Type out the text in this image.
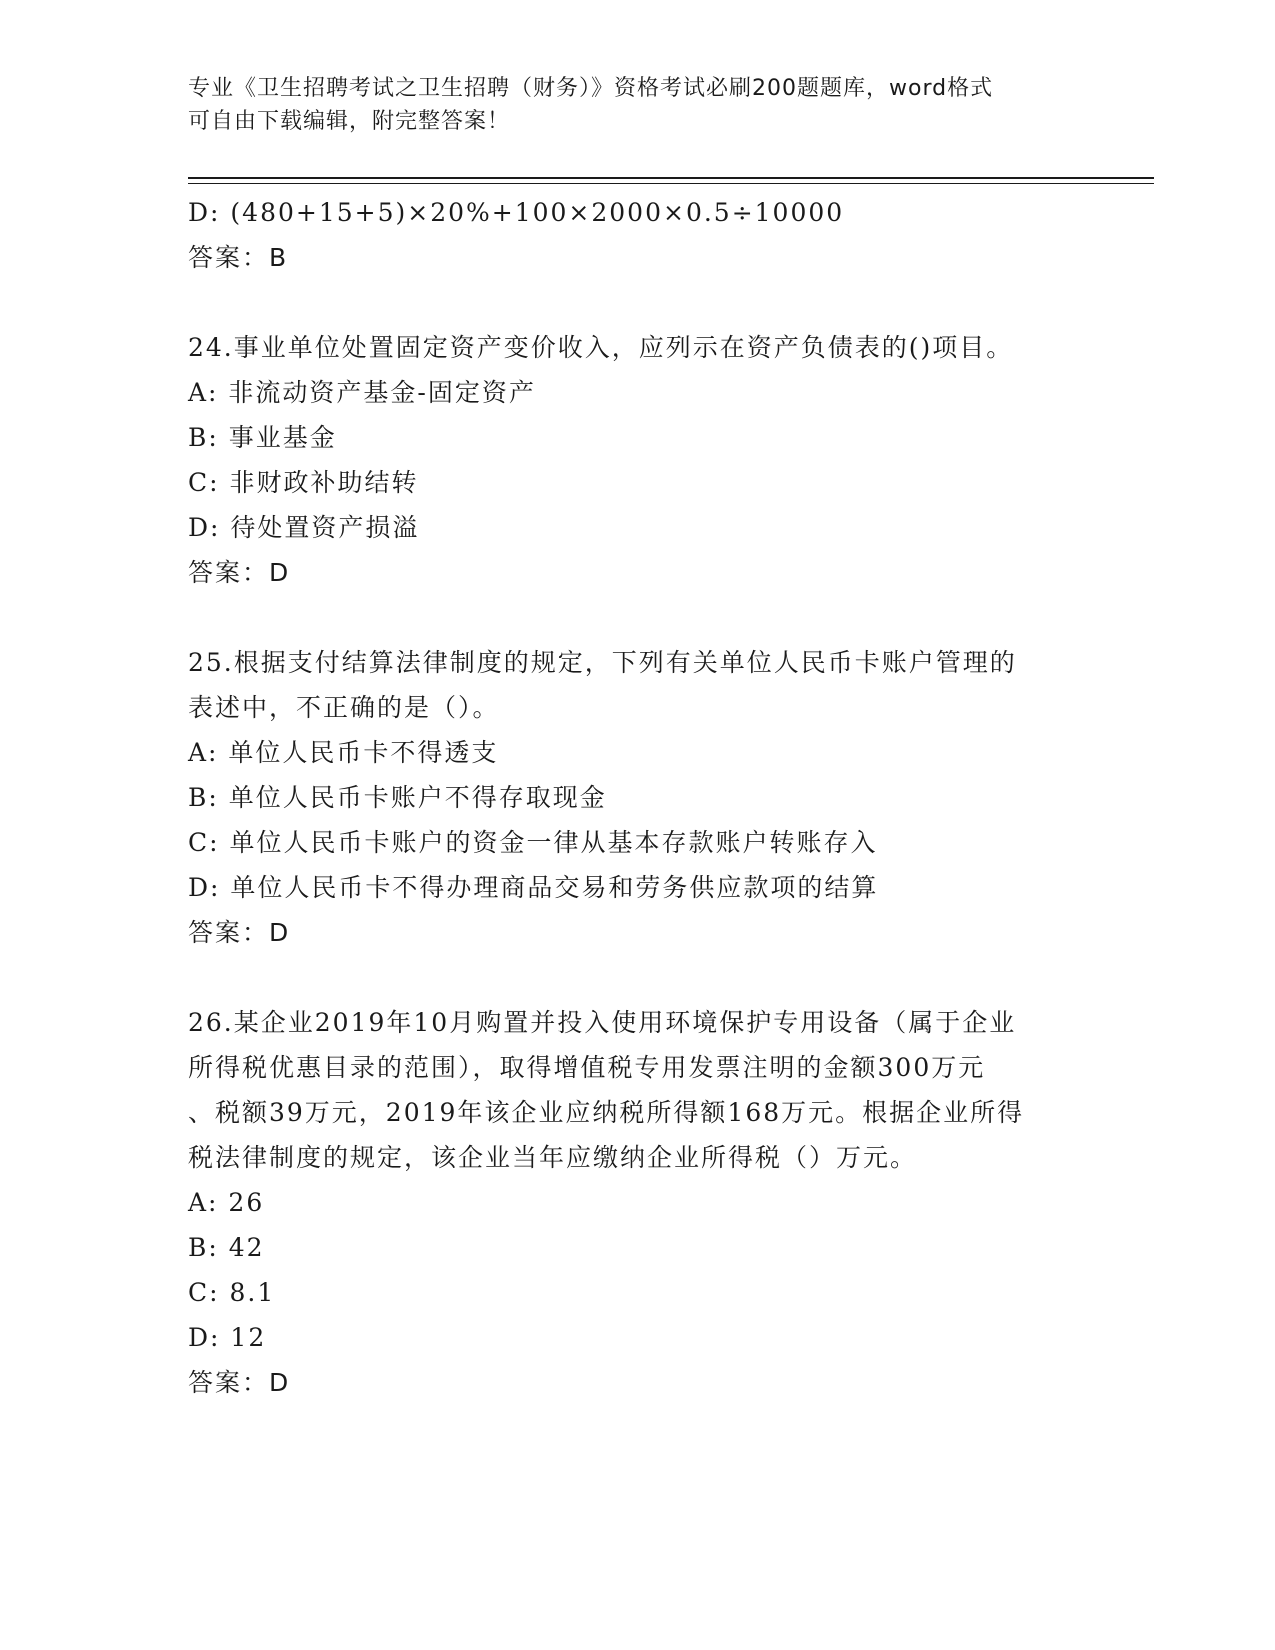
专业《卫生招聘考试之卫生招聘（财务）》资格考试必刷200题题库，word格式
可自由下载编辑，附完整答案！
D: (480+15+5)×20%+100×2000×0.5÷10000
答案：B
24.事业单位处置固定资产变价收入，应列示在资产负债表的()项目。
A: 非流动资产基金-固定资产
B: 事业基金
C: 非财政补助结转
D: 待处置资产损溢
答案：D
25.根据支付结算法律制度的规定，下列有关单位人民币卡账户管理的
表述中，不正确的是（）。
A: 单位人民币卡不得透支
B: 单位人民币卡账户不得存取现金
C: 单位人民币卡账户的资金一律从基本存款账户转账存入
D: 单位人民币卡不得办理商品交易和劳务供应款项的结算
答案：D
26.某企业2019年10月购置并投入使用环境保护专用设备（属于企业
所得税优惠目录的范围），取得增值税专用发票注明的金额300万元
、税额39万元，2019年该企业应纳税所得额168万元。根据企业所得
税法律制度的规定，该企业当年应缴纳企业所得税（）万元。
A: 26
B: 42
C: 8.1
D: 12
答案：D
